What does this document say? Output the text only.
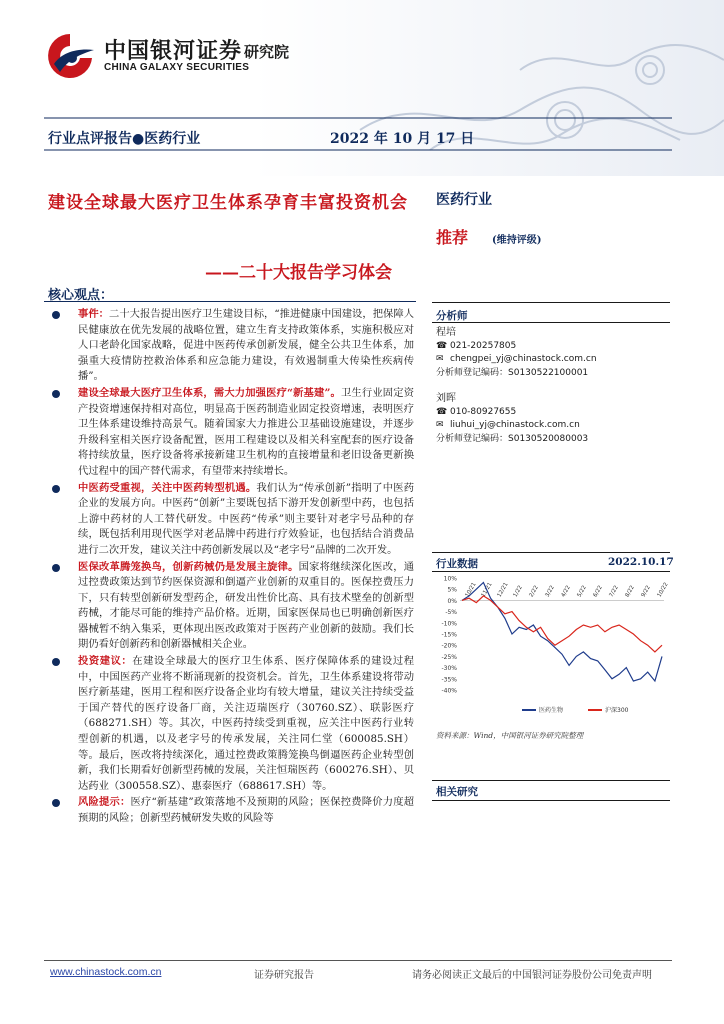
中国银河证券 研究院
CHINA GALAXY SECURITIES
行业点评报告●医药行业	2022 年 10 月 17 日
建设全球最大医疗卫生体系孕育丰富投资机会
——二十大报告学习体会
核心观点：
事件：二十大报告提出医疗卫生建设目标，“推进健康中国建设，把保障人民健康放在优先发展的战略位置，建立生育支持政策体系，实施积极应对人口老龄化国家战略，促进中医药传承创新发展，健全公共卫生体系，加强重大疫情防控救治体系和应急能力建设，有效遏制重大传染性疾病传播”。
建设全球最大医疗卫生体系，需大力加强医疗“新基建”。卫生行业固定资产投资增速保持相对高位，明显高于医药制造业固定投资增速，表明医疗卫生体系建设维持高景气。随着国家大力推进公卫基础设施建设，并逐步升级科室相关医疗设备配置，医用工程建设以及相关科室配套的医疗设备将持续放量，医疗设备将承接新建卫生机构的直接增量和老旧设备更新换代过程中的国产替代需求，有望带来持续增长。
中医药受重视，关注中医药转型机遇。我们认为“传承创新”指明了中医药企业的发展方向。中医药“创新”主要既包括下游开发创新型中药，也包括上游中药材的人工替代研发。中医药“传承”则主要针对老字号品种的存续，既包括利用现代医学对老品牌中药进行疗效验证，也包括结合消费品进行二次开发，建议关注中药创新发展以及“老字号”品牌的二次开发。
医保改革腾笼换鸟，创新药械仍是发展主旋律。国家将继续深化医改，通过控费政策达到节约医保资源和倒逼产业创新的双重目的。医保控费压力下，只有转型创新研发型药企，研发出性价比高、具有技术壁垒的创新型药械，才能尽可能的维持产品价格。近期，国家医保局也已明确创新医疗器械暂不纳入集采，更体现出医改政策对于医药产业创新的鼓励。我们长期仍看好创新药和创新器械相关企业。
投资建议：在建设全球最大的医疗卫生体系、医疗保障体系的建设过程中，中国医药产业将不断涌现新的投资机会。首先，卫生体系建设将带动医疗新基建，医用工程和医疗设备企业均有较大增量，建议关注持续受益于国产替代的医疗设备厂商，关注迈瑞医疗（30760.SZ）、联影医疗（688271.SH）等。其次，中医药持续受到重视，应关注中医药行业转型创新的机遇，以及老字号的传承发展，关注同仁堂（600085.SH）等。最后，医改将持续深化，通过控费政策腾笼换鸟倒逼医药企业转型创新，我们长期看好创新型药械的发展，关注恒瑞医药（600276.SH）、贝达药业（300558.SZ）、惠泰医疗（688617.SH）等。
风险提示：医疗“新基建”政策落地不及预期的风险；医保控费降价力度超预期的风险；创新型药械研发失败的风险等
医药行业
推荐	(维持评级)
分析师
程培
☎ 021-20257805
✉ chengpei_yj@chinastock.com.cn
分析师登记编码：S0130522100001
刘晖
☎ 010-80927655
✉ liuhui_yj@chinastock.com.cn
分析师登记编码：S0130520080003
行业数据	2022.10.17
10%
5%
0%
-5%
-10%
-15%
-20%
-25%
-30%
-35%
-40%
10/21 11/21 12/21 1/22 2/22 3/22 4/22 5/22 6/22 7/22 8/22 9/22 10/22
医药生物	沪深300
资料来源：Wind，中国银河证券研究院整理
相关研究
www.chinastock.com.cn	证券研究报告	请务必阅读正文最后的中国银河证券股份公司免责声明
